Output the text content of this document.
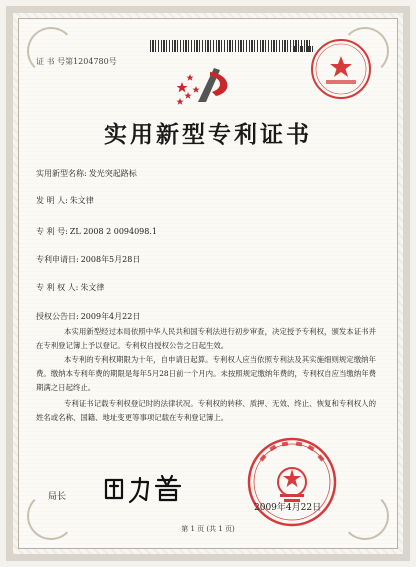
证 书 号第1204780号
实用新型专利证书
实用新型名称: 发光突起路标
发 明 人: 朱文律
专 利 号: ZL 2008 2 0094098.1
专利申请日: 2008年5月28日
专 利 权 人: 朱文律
授权公告日: 2009年4月22日
本实用新型经过本局依照中华人民共和国专利法进行初步审查，决定授予专利权，颁发本证书并在专利登记簿上予以登记。专利权自授权公告之日起生效。
本专利的专利权期限为十年，自申请日起算。专利权人应当依照专利法及其实施细则规定缴纳年费。缴纳本专利年费的期限是每年5月28日前一个月内。未按照规定缴纳年费的，专利权自应当缴纳年费期满之日起终止。
专利证书记载专利权登记时的法律状况。专利权的转移、质押、无效、终止、恢复和专利权人的姓名或名称、国籍、地址变更等事项记载在专利登记簿上。
局长
2009年4月22日
第 1 页 (共 1 页)
